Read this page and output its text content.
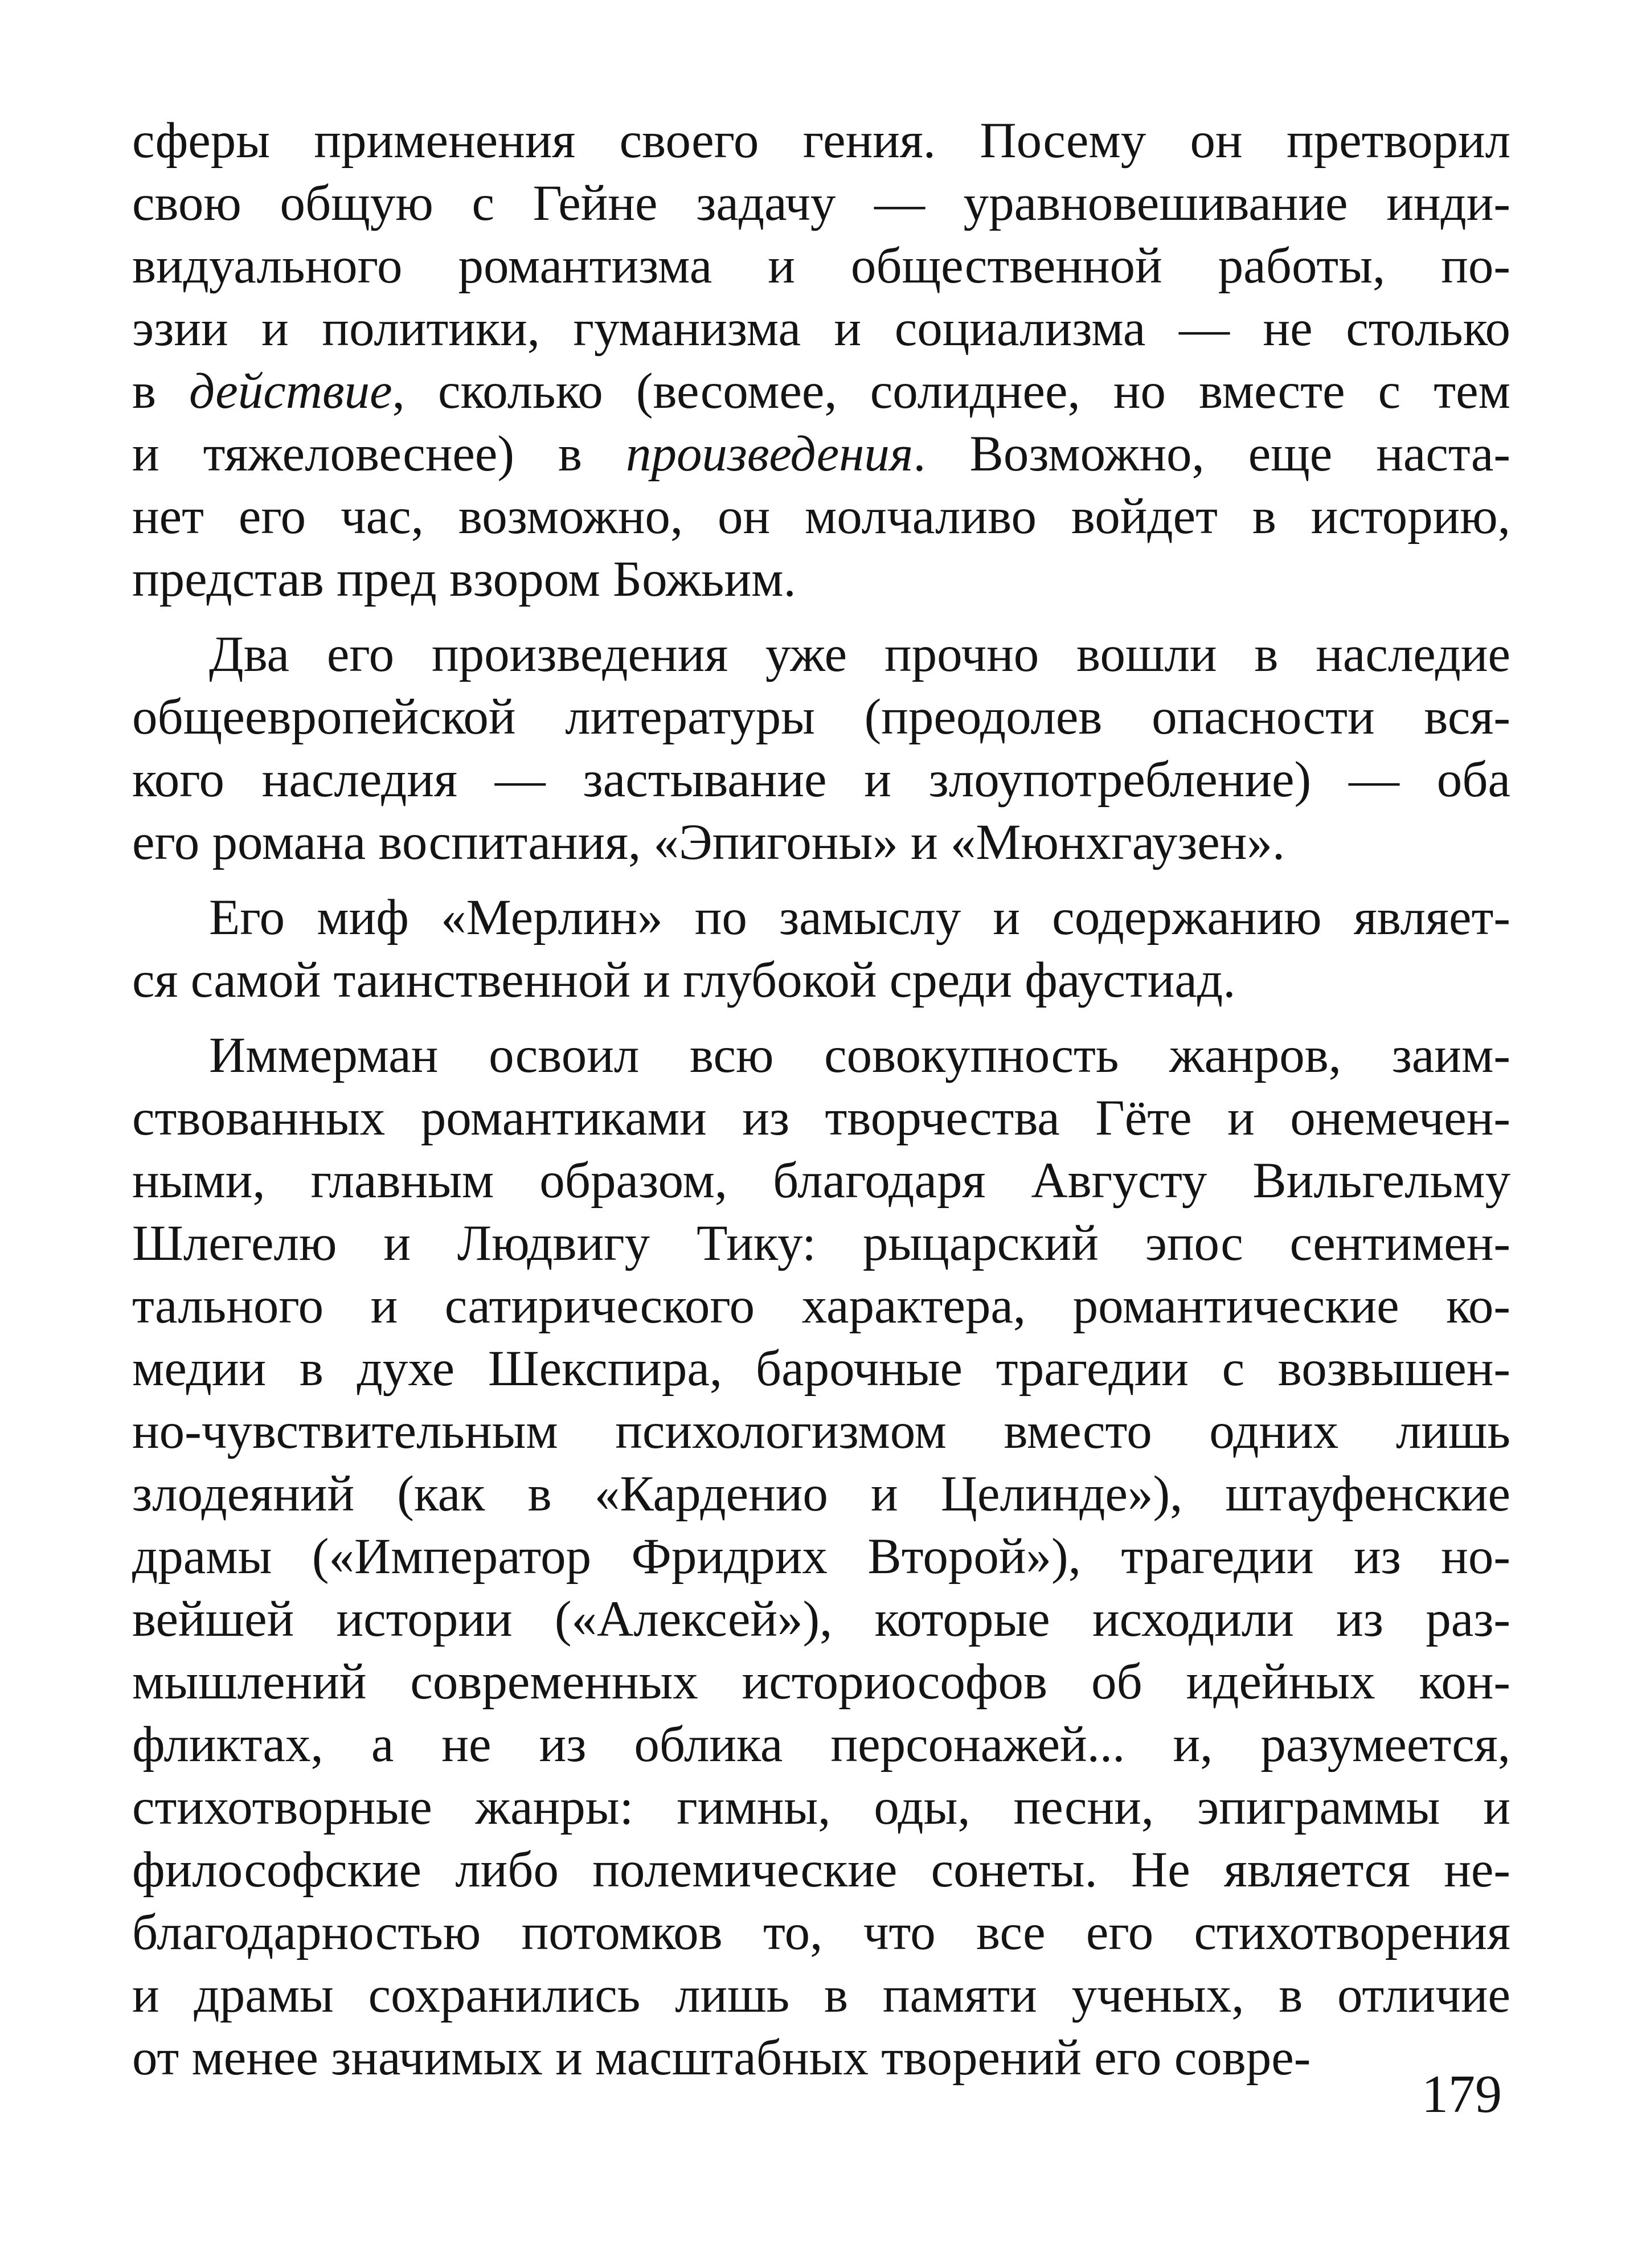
сферы применения своего гения. Посему он претворил
свою общую с Гейне задачу — уравновешивание инди-
видуального романтизма и общественной работы, по-
эзии и политики, гуманизма и социализма — не столько
в действие, сколько (весомее, солиднее, но вместе с тем
и тяжеловеснее) в произведения. Возможно, еще наста-
нет его час, возможно, он молчаливо войдет в историю,
представ пред взором Божьим.
Два его произведения уже прочно вошли в наследие
общеевропейской литературы (преодолев опасности вся-
кого наследия — застывание и злоупотребление) — оба
его романа воспитания, «Эпигоны» и «Мюнхгаузен».
Его миф «Мерлин» по замыслу и содержанию являет-
ся самой таинственной и глубокой среди фаустиад.
Иммерман освоил всю совокупность жанров, заим-
ствованных романтиками из творчества Гёте и онемечен-
ными, главным образом, благодаря Августу Вильгельму
Шлегелю и Людвигу Тику: рыцарский эпос сентимен-
тального и сатирического характера, романтические ко-
медии в духе Шекспира, барочные трагедии с возвышен-
но-чувствительным психологизмом вместо одних лишь
злодеяний (как в «Карденио и Целинде»), штауфенские
драмы («Император Фридрих Второй»), трагедии из но-
вейшей истории («Алексей»), которые исходили из раз-
мышлений современных историософов об идейных кон-
фликтах, а не из облика персонажей... и, разумеется,
стихотворные жанры: гимны, оды, песни, эпиграммы и
философские либо полемические сонеты. Не является не-
благодарностью потомков то, что все его стихотворения
и драмы сохранились лишь в памяти ученых, в отличие
от менее значимых и масштабных творений его совре-
179
